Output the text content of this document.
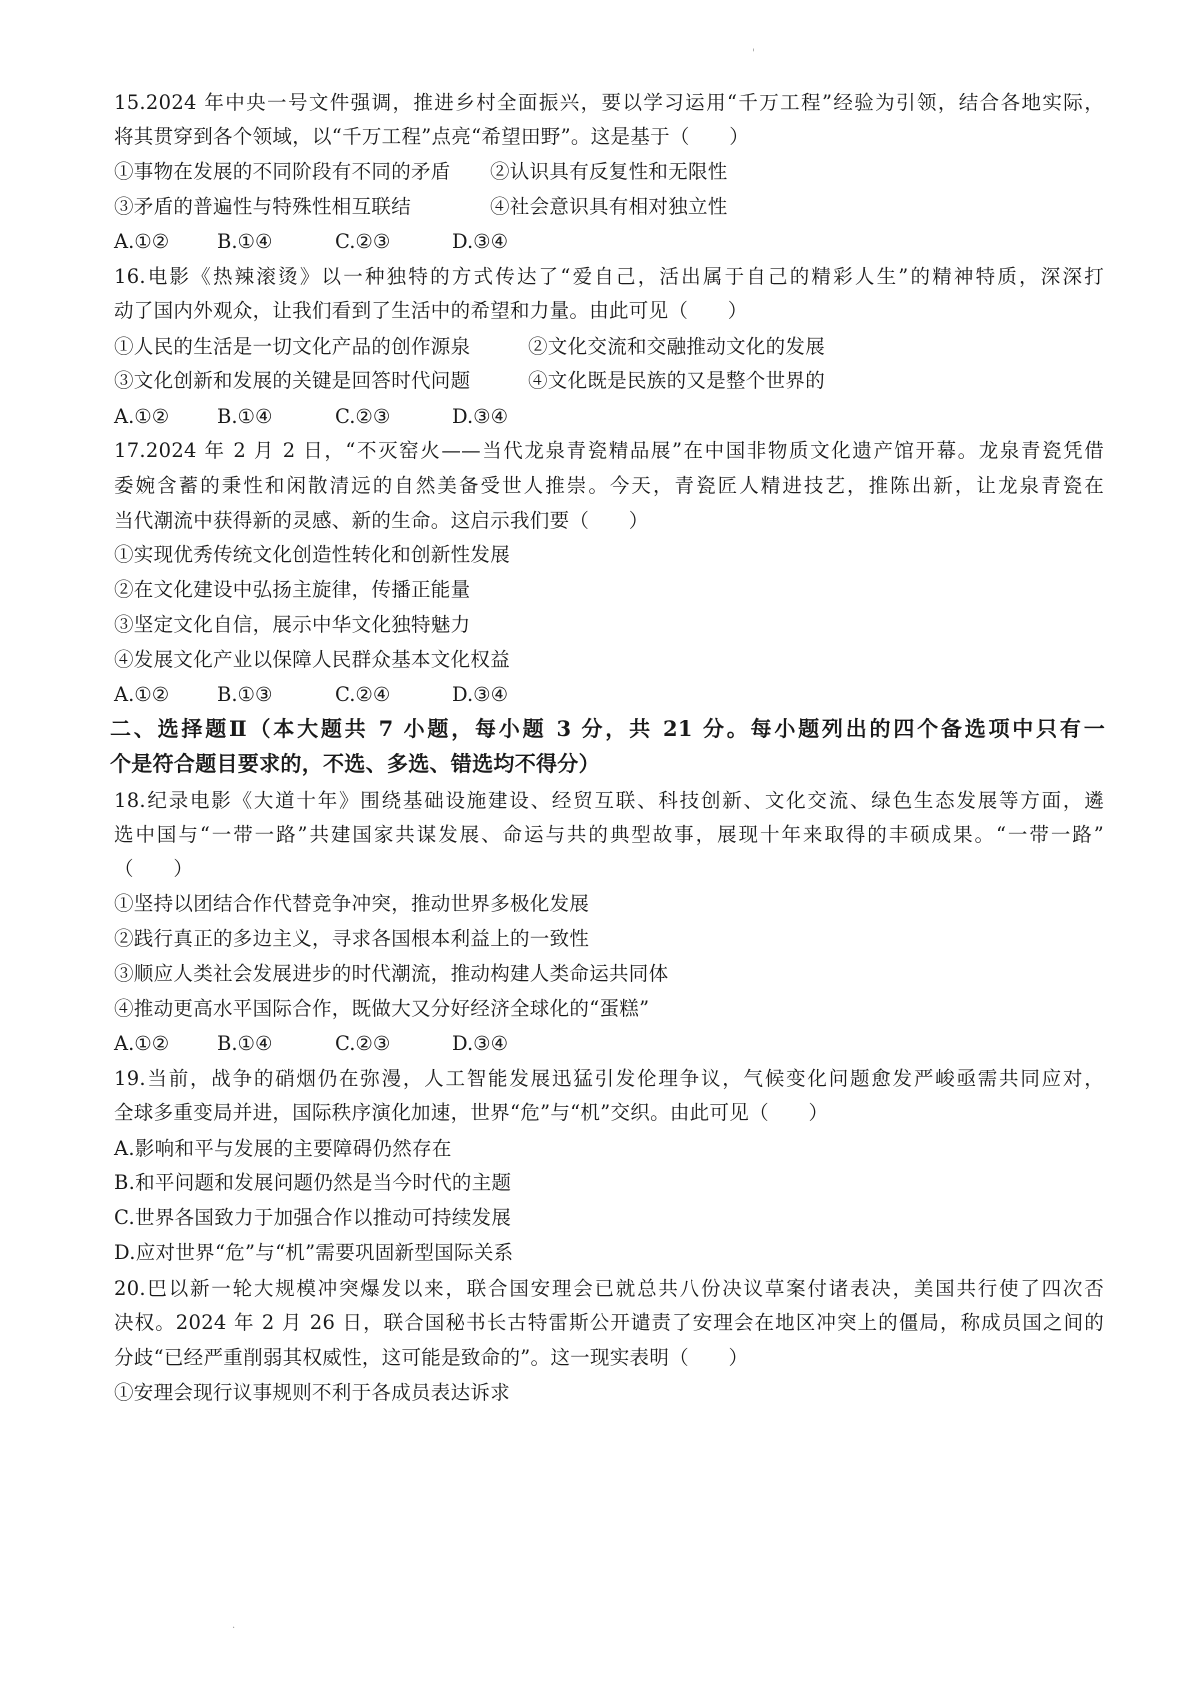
'
15.2024 年中央一号文件强调，推进乡村全面振兴，要以学习运用“千万工程”经验为引领，结合各地实际，
将其贯穿到各个领域，以“千万工程”点亮“希望田野”。这是基于（　　）
①事物在发展的不同阶段有不同的矛盾	②认识具有反复性和无限性
③矛盾的普遍性与特殊性相互联结	④社会意识具有相对独立性
A.①② B.①④	C.②③	D.③④
16.电影《热辣滚烫》以一种独特的方式传达了“爱自己，活出属于自己的精彩人生”的精神特质，深深打
动了国内外观众，让我们看到了生活中的希望和力量。由此可见（　　）
①人民的生活是一切文化产品的创作源泉	②文化交流和交融推动文化的发展
③文化创新和发展的关键是回答时代问题	④文化既是民族的又是整个世界的
A.①② B.①④	C.②③	D.③④
17.2024 年 2 月 2 日，“不灭窑火——当代龙泉青瓷精品展”在中国非物质文化遗产馆开幕。龙泉青瓷凭借
委婉含蓄的秉性和闲散清远的自然美备受世人推崇。今天，青瓷匠人精进技艺，推陈出新，让龙泉青瓷在
当代潮流中获得新的灵感、新的生命。这启示我们要（　　）
①实现优秀传统文化创造性转化和创新性发展
②在文化建设中弘扬主旋律，传播正能量
③坚定文化自信，展示中华文化独特魅力
④发展文化产业以保障人民群众基本文化权益
A.①② B.①③	C.②④	D.③④
二、选择题Ⅱ（本大题共 7 小题，每小题 3 分，共 21 分。每小题列出的四个备选项中只有一
个是符合题目要求的，不选、多选、错选均不得分）
18.纪录电影《大道十年》围绕基础设施建设、经贸互联、科技创新、文化交流、绿色生态发展等方面，遴
选中国与“一带一路”共建国家共谋发展、命运与共的典型故事，展现十年来取得的丰硕成果。“一带一路”
（　　）
①坚持以团结合作代替竞争冲突，推动世界多极化发展
②践行真正的多边主义，寻求各国根本利益上的一致性
③顺应人类社会发展进步的时代潮流，推动构建人类命运共同体
④推动更高水平国际合作，既做大又分好经济全球化的“蛋糕”
A.①② B.①④	C.②③	D.③④
19.当前，战争的硝烟仍在弥漫，人工智能发展迅猛引发伦理争议，气候变化问题愈发严峻亟需共同应对，
全球多重变局并进，国际秩序演化加速，世界“危”与“机”交织。由此可见（　　）
A.影响和平与发展的主要障碍仍然存在
B.和平问题和发展问题仍然是当今时代的主题
C.世界各国致力于加强合作以推动可持续发展
D.应对世界“危”与“机”需要巩固新型国际关系
20.巴以新一轮大规模冲突爆发以来，联合国安理会已就总共八份决议草案付诸表决，美国共行使了四次否
决权。2024 年 2 月 26 日，联合国秘书长古特雷斯公开谴责了安理会在地区冲突上的僵局，称成员国之间的
分歧“已经严重削弱其权威性，这可能是致命的”。这一现实表明（　　）
①安理会现行议事规则不利于各成员表达诉求
.
